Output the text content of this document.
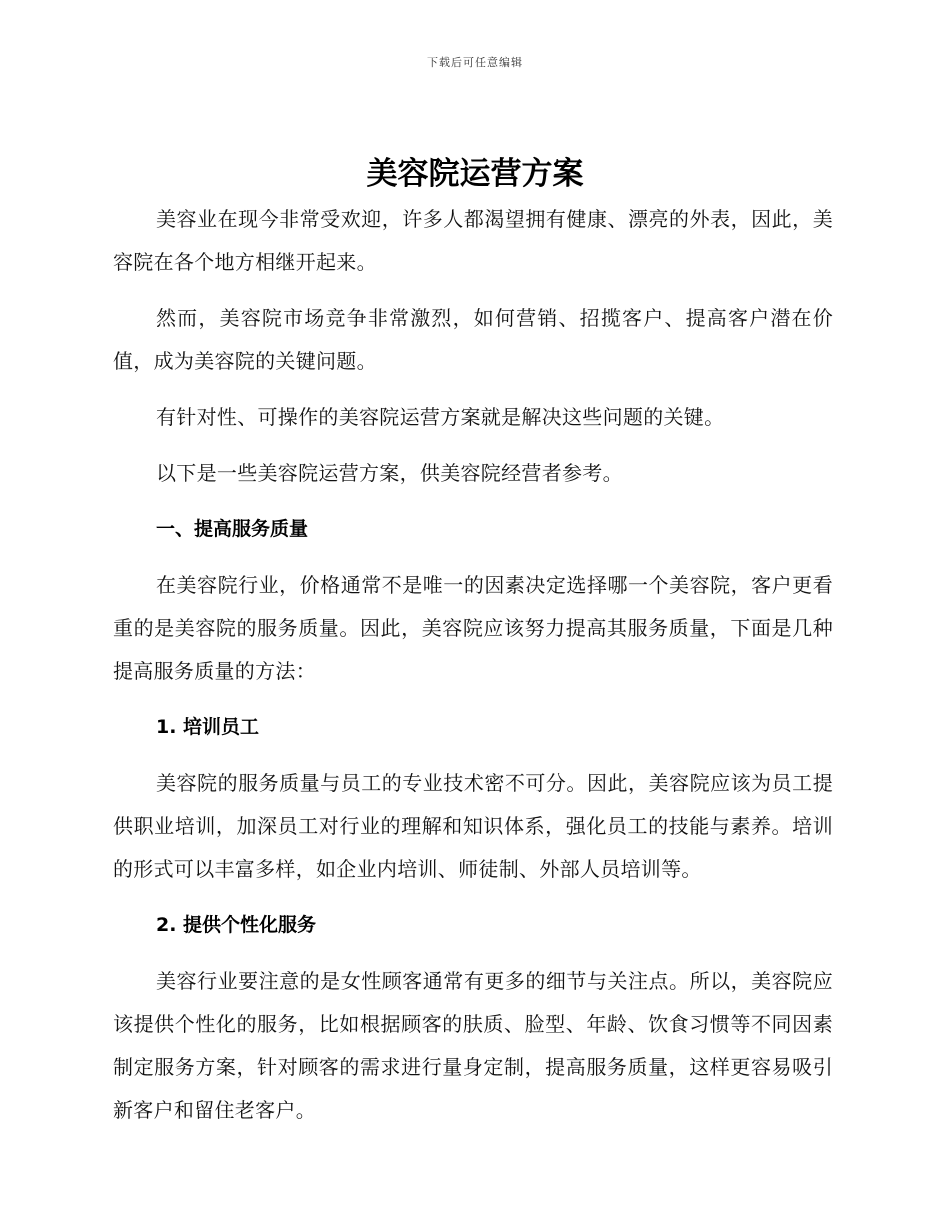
下载后可任意编辑
美容院运营方案

美容业在现今非常受欢迎，许多人都渴望拥有健康、漂亮的外表，因此，美容院在各个地方相继开起来。

然而，美容院市场竞争非常激烈，如何营销、招揽客户、提高客户潜在价值，成为美容院的关键问题。

有针对性、可操作的美容院运营方案就是解决这些问题的关键。

以下是一些美容院运营方案，供美容院经营者参考。

一、提高服务质量

在美容院行业，价格通常不是唯一的因素决定选择哪一个美容院，客户更看重的是美容院的服务质量。因此，美容院应该努力提高其服务质量，下面是几种提高服务质量的方法：

1. 培训员工

美容院的服务质量与员工的专业技术密不可分。因此，美容院应该为员工提供职业培训，加深员工对行业的理解和知识体系，强化员工的技能与素养。培训的形式可以丰富多样，如企业内培训、师徒制、外部人员培训等。

2. 提供个性化服务

美容行业要注意的是女性顾客通常有更多的细节与关注点。所以，美容院应该提供个性化的服务，比如根据顾客的肤质、脸型、年龄、饮食习惯等不同因素制定服务方案，针对顾客的需求进行量身定制，提高服务质量，这样更容易吸引新客户和留住老客户。
